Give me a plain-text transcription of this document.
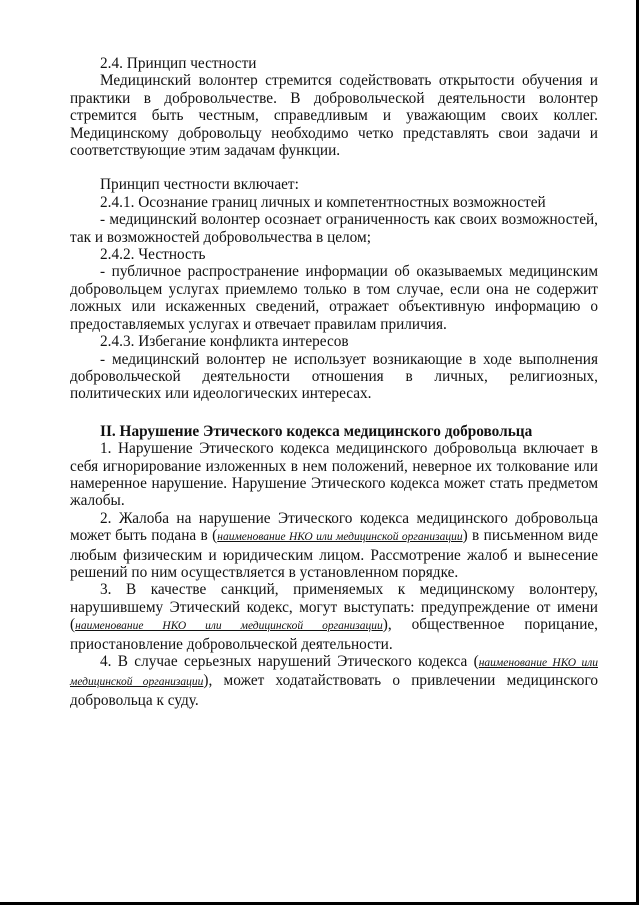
2.4. Принцип честности

Медицинский волонтер стремится содействовать открытости обучения и практики в добровольчестве. В добровольческой деятельности волонтер стремится быть честным, справедливым и уважающим своих коллег. Медицинскому добровольцу необходимо четко представлять свои задачи и соответствующие этим задачам функции.

Принцип честности включает:

2.4.1. Осознание границ личных и компетентностных возможностей

- медицинский волонтер осознает ограниченность как своих возможностей, так и возможностей добровольчества в целом;

2.4.2. Честность

- публичное распространение информации об оказываемых медицинским добровольцем услугах приемлемо только в том случае, если она не содержит ложных или искаженных сведений, отражает объективную информацию о предоставляемых услугах и отвечает правилам приличия.

2.4.3. Избегание конфликта интересов

- медицинский волонтер не использует возникающие в ходе выполнения добровольческой деятельности отношения в личных, религиозных, политических или идеологических интересах.

II. Нарушение Этического кодекса медицинского добровольца

1. Нарушение Этического кодекса медицинского добровольца включает в себя игнорирование изложенных в нем положений, неверное их толкование или намеренное нарушение. Нарушение Этического кодекса может стать предметом жалобы.

2. Жалоба на нарушение Этического кодекса медицинского добровольца может быть подана в (наименование НКО или медицинской организации) в письменном виде любым физическим и юридическим лицом. Рассмотрение жалоб и вынесение решений по ним осуществляется в установленном порядке.

3. В качестве санкций, применяемых к медицинскому волонтеру, нарушившему Этический кодекс, могут выступать: предупреждение от имени (наименование НКО или медицинской организации), общественное порицание, приостановление добровольческой деятельности.

4. В случае серьезных нарушений Этического кодекса (наименование НКО или медицинской организации), может ходатайствовать о привлечении медицинского добровольца к суду.
